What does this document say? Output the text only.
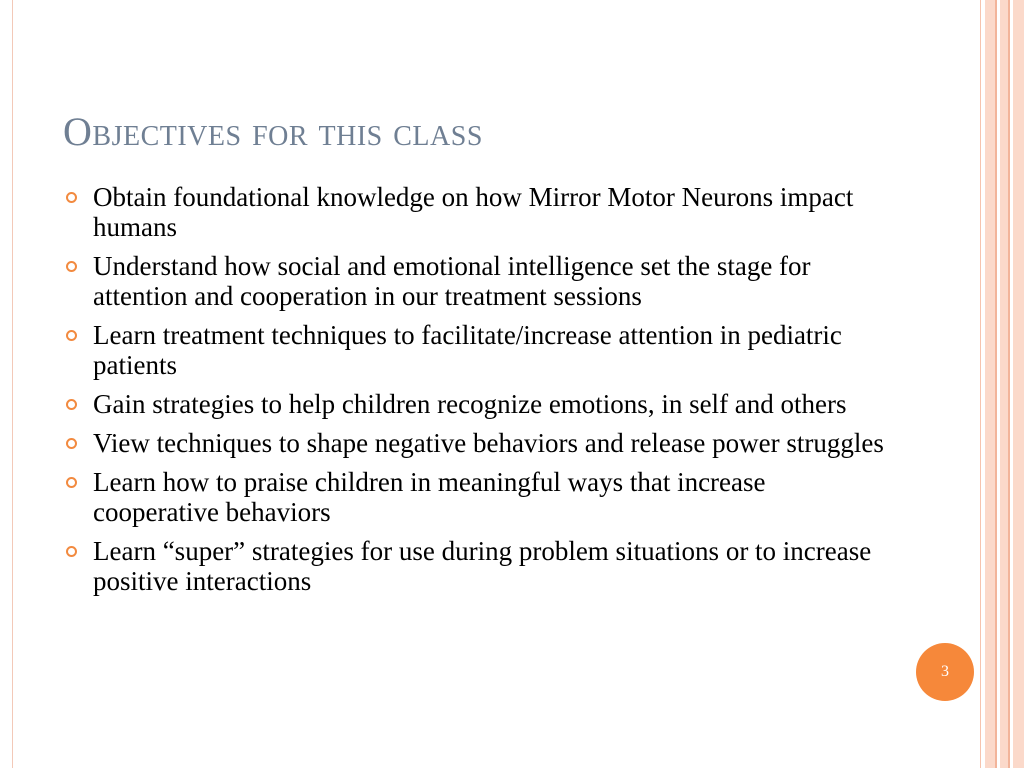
Objectives for this class
Obtain foundational knowledge on how Mirror Motor Neurons impact humans
Understand how social and emotional intelligence set the stage for attention and cooperation in our treatment sessions
Learn treatment techniques to facilitate/increase attention in pediatric patients
Gain strategies to help children recognize emotions, in self and others
View techniques to shape negative behaviors and release power struggles
Learn how to praise children in meaningful ways that increase cooperative behaviors
Learn “super” strategies for use during problem situations or to increase positive interactions
3
